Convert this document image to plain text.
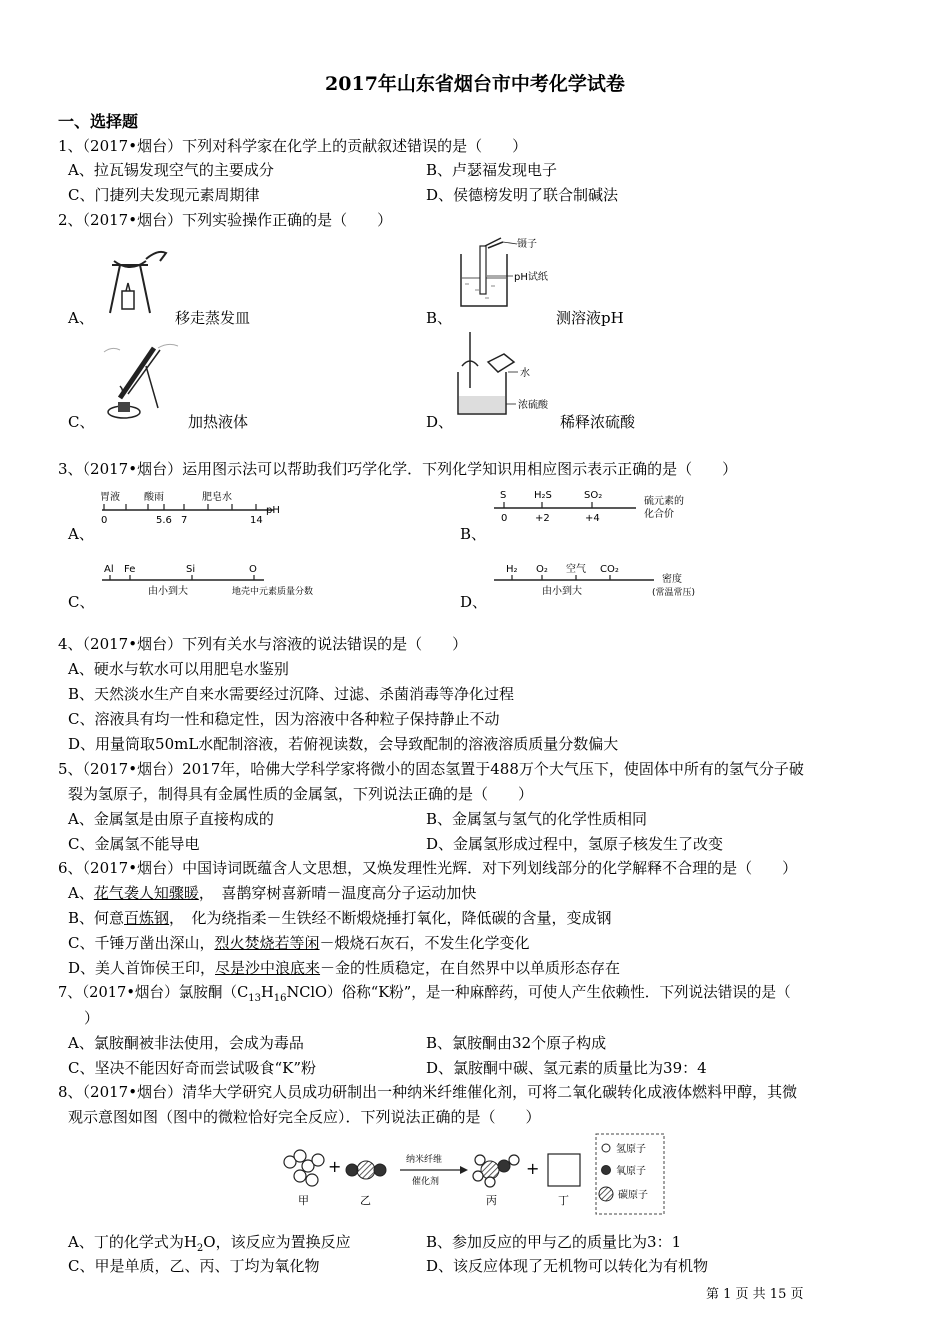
2017年山东省烟台市中考化学试卷
一、选择题
1、（2017•烟台）下列对科学家在化学上的贡献叙述错误的是（　　）
A、拉瓦锡发现空气的主要成分	B、卢瑟福发现电子
C、门捷列夫发现元素周期律	D、侯德榜发明了联合制碱法
2、（2017•烟台）下列实验操作正确的是（　　）
A、	移走蒸发皿
镊子
pH试纸
B、	测溶液pH
C、	加热液体
水
浓硫酸
D、	稀释浓硫酸
3、（2017•烟台）运用图示法可以帮助我们巧学化学．下列化学知识用相应图示表示正确的是（　　）
胃液 酸雨	肥皂水
0	5.6 7	14
pH
A、
S	H₂S	SO₂
0	+2	+4
硫元素的
化合价
B、
Al Fe	Si	O
由小到大	地壳中元素质量分数
C、
H₂ O₂ 空气 CO₂
由小到大
密度
(常温常压)
D、
4、（2017•烟台）下列有关水与溶液的说法错误的是（　　）
A、硬水与软水可以用肥皂水鉴别
B、天然淡水生产自来水需要经过沉降、过滤、杀菌消毒等净化过程
C、溶液具有均一性和稳定性，因为溶液中各种粒子保持静止不动
D、用量筒取50mL水配制溶液，若俯视读数，会导致配制的溶液溶质质量分数偏大
5、（2017•烟台）2017年，哈佛大学科学家将微小的固态氢置于488万个大气压下，使固体中所有的氢气分子破
裂为氢原子，制得具有金属性质的金属氢，下列说法正确的是（　　）
A、金属氢是由原子直接构成的	B、金属氢与氢气的化学性质相同
C、金属氢不能导电	D、金属氢形成过程中，氢原子核发生了改变
6、（2017•烟台）中国诗词既蕴含人文思想，又焕发理性光辉．对下列划线部分的化学解释不合理的是（　　）
A、花气袭人知骤暖，　喜鹊穿树喜新晴－温度高分子运动加快
B、何意百炼钢，　化为绕指柔－生铁经不断煅烧捶打氧化，降低碳的含量，变成钢
C、千锤万凿出深山，烈火焚烧若等闲－煅烧石灰石，不发生化学变化
D、美人首饰侯王印，尽是沙中浪底来－金的性质稳定，在自然界中以单质形态存在
7、（2017•烟台）氯胺酮$(C_{13}H_{16}NClO)$俗称“K粉”，是一种麻醉药，可使人产生依赖性．下列说法错误的是（
）
A、氯胺酮被非法使用，会成为毒品	B、氯胺酮由32个原子构成
C、坚决不能因好奇而尝试吸食“K”粉	D、氯胺酮中碳、氢元素的质量比为39：4
8、（2017•烟台）清华大学研究人员成功研制出一种纳米纤维催化剂，可将二氧化碳转化成液体燃料甲醇，其微
观示意图如图（图中的微粒恰好完全反应）．下列说法正确的是（　　）
甲
+
乙
纳米纤维
催化剂
丙
+
丁
氢原子
氧原子
碳原子
A、丁的化学式为$H_2O$，该反应为置换反应	B、参加反应的甲与乙的质量比为3：1
C、甲是单质，乙、丙、丁均为氧化物	D、该反应体现了无机物可以转化为有机物
第 1 页 共 15 页
